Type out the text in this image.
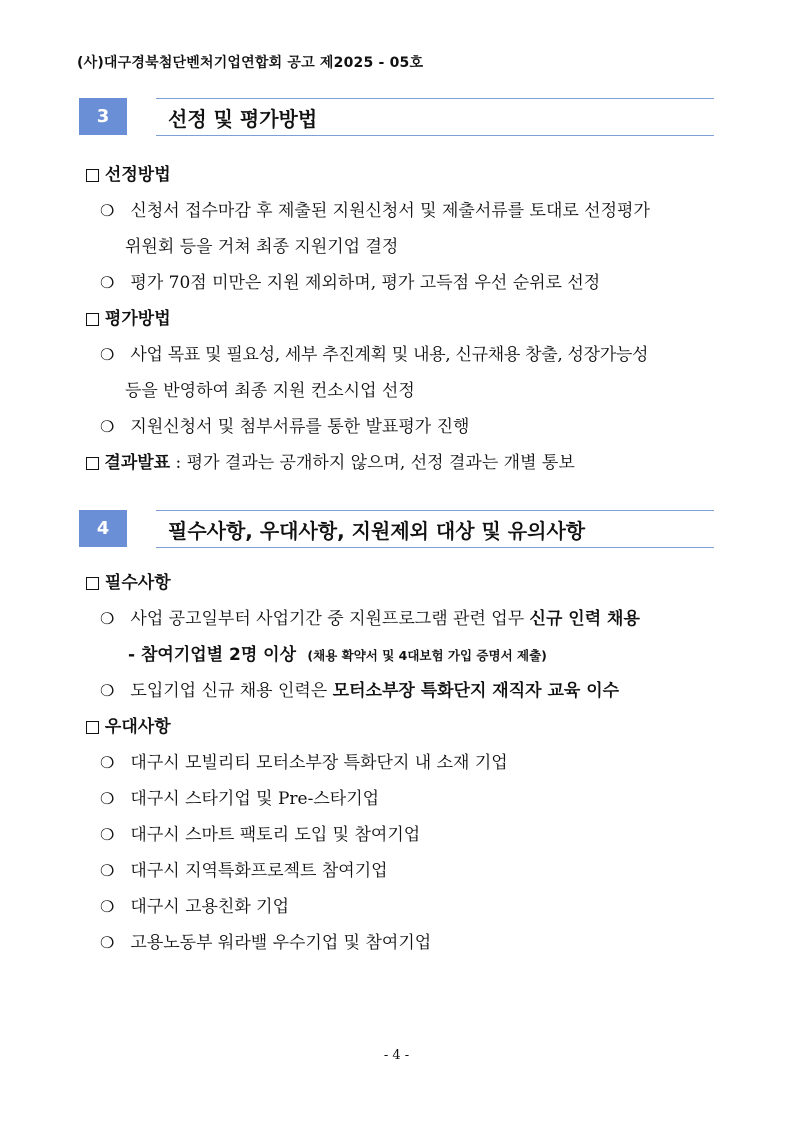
(사)대구경북첨단벤처기업연합회 공고 제2025 - 05호
3	선정 및 평가방법
선정방법
❍ 신청서 접수마감 후 제출된 지원신청서 및 제출서류를 토대로 선정평가
위원회 등을 거쳐 최종 지원기업 결정
❍ 평가 70점 미만은 지원 제외하며, 평가 고득점 우선 순위로 선정
평가방법
❍ 사업 목표 및 필요성, 세부 추진계획 및 내용, 신규채용 창출, 성장가능성
등을 반영하여 최종 지원 컨소시업 선정
❍ 지원신청서 및 첨부서류를 통한 발표평가 진행
결과발표 : 평가 결과는 공개하지 않으며, 선정 결과는 개별 통보
4	필수사항, 우대사항, 지원제외 대상 및 유의사항
필수사항
❍ 사업 공고일부터 사업기간 중 지원프로그램 관련 업무 신규 인력 채용
- 참여기업별 2명 이상 (채용 확약서 및 4대보험 가입 증명서 제출)
❍ 도입기업 신규 채용 인력은 모터소부장 특화단지 재직자 교육 이수
우대사항
❍ 대구시 모빌리티 모터소부장 특화단지 내 소재 기업
❍ 대구시 스타기업 및 Pre-스타기업
❍ 대구시 스마트 팩토리 도입 및 참여기업
❍ 대구시 지역특화프로젝트 참여기업
❍ 대구시 고용친화 기업
❍ 고용노동부 워라밸 우수기업 및 참여기업
- 4 -
